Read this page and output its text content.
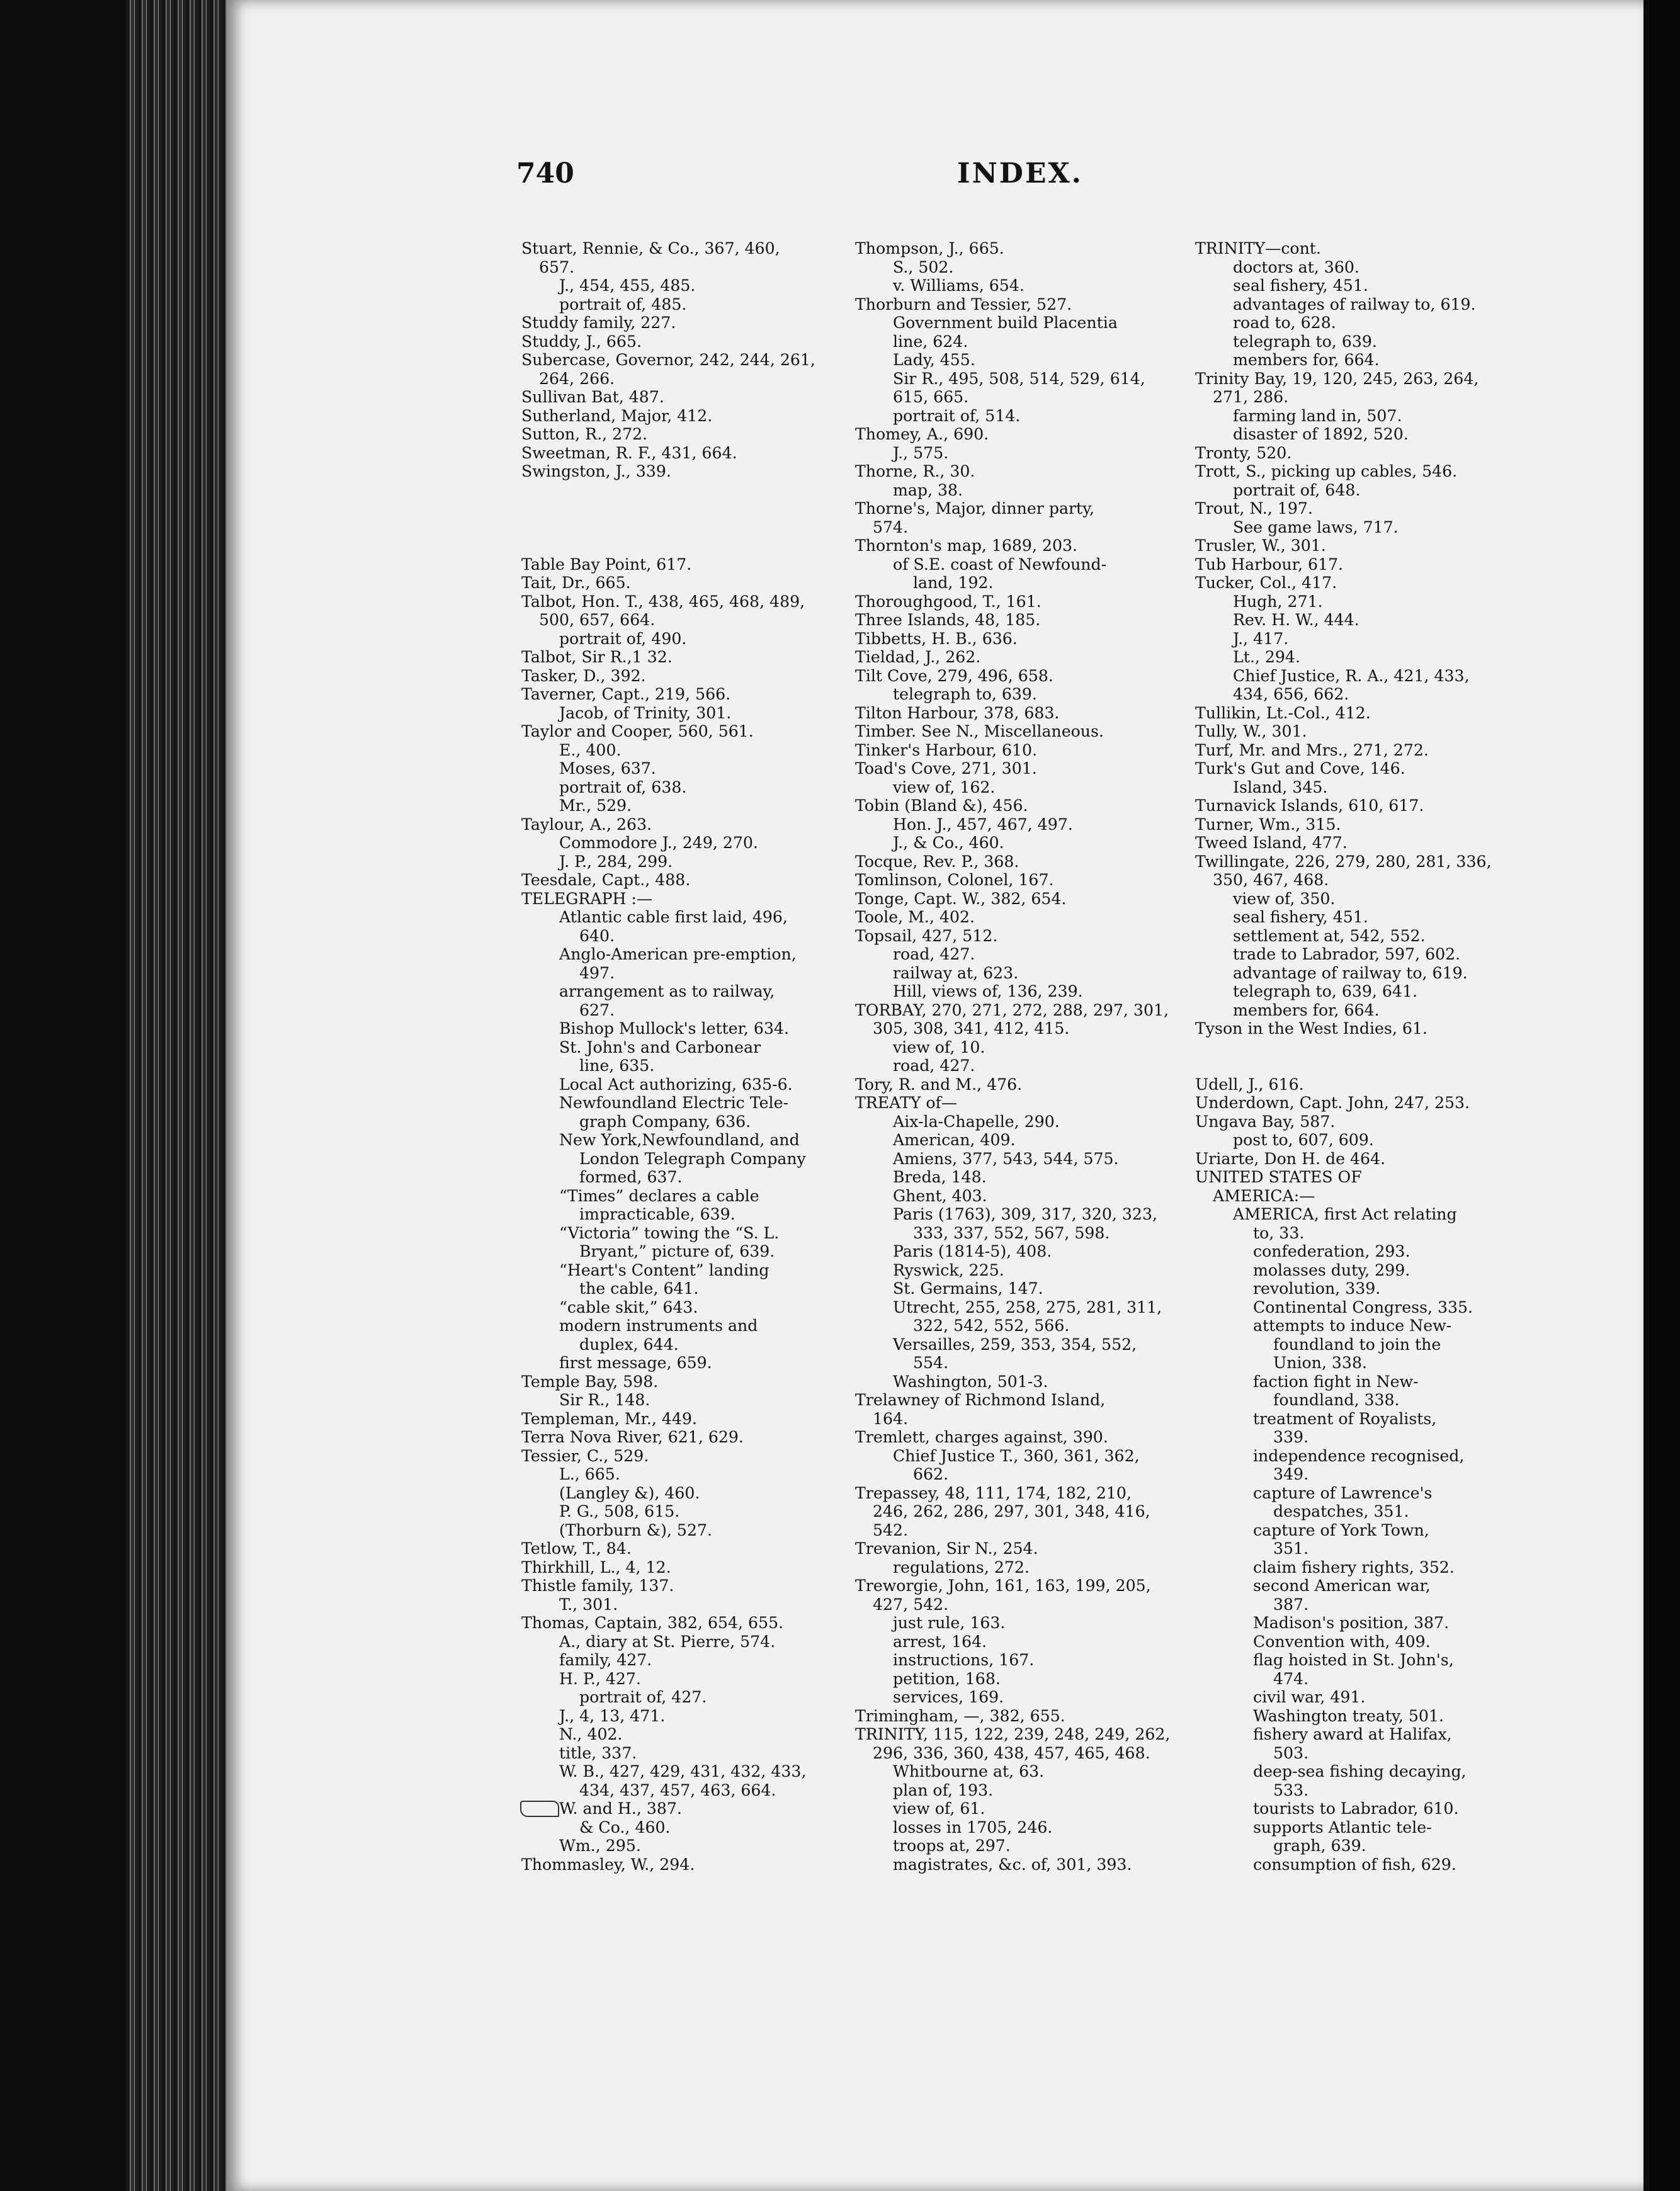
740	INDEX.
Stuart, Rennie, & Co., 367, 460,
657.
J., 454, 455, 485.
portrait of, 485.
Studdy family, 227.
Studdy, J., 665.
Subercase, Governor, 242, 244, 261,
264, 266.
Sullivan Bat, 487.
Sutherland, Major, 412.
Sutton, R., 272.
Sweetman, R. F., 431, 664.
Swingston, J., 339.
Table Bay Point, 617.
Tait, Dr., 665.
Talbot, Hon. T., 438, 465, 468, 489,
500, 657, 664.
portrait of, 490.
Talbot, Sir R.,1 32.
Tasker, D., 392.
Taverner, Capt., 219, 566.
Jacob, of Trinity, 301.
Taylor and Cooper, 560, 561.
E., 400.
Moses, 637.
portrait of, 638.
Mr., 529.
Taylour, A., 263.
Commodore J., 249, 270.
J. P., 284, 299.
Teesdale, Capt., 488.
TELEGRAPH :—
Atlantic cable first laid, 496,
640.
Anglo-American pre-emption,
497.
arrangement as to railway,
627.
Bishop Mullock's letter, 634.
St. John's and Carbonear
line, 635.
Local Act authorizing, 635-6.
Newfoundland Electric Tele-
graph Company, 636.
New York,Newfoundland, and
London Telegraph Company
formed, 637.
“Times” declares a cable
impracticable, 639.
“Victoria” towing the “S. L.
Bryant,” picture of, 639.
“Heart's Content” landing
the cable, 641.
“cable skit,” 643.
modern instruments and
duplex, 644.
first message, 659.
Temple Bay, 598.
Sir R., 148.
Templeman, Mr., 449.
Terra Nova River, 621, 629.
Tessier, C., 529.
L., 665.
(Langley &), 460.
P. G., 508, 615.
(Thorburn &), 527.
Tetlow, T., 84.
Thirkhill, L., 4, 12.
Thistle family, 137.
T., 301.
Thomas, Captain, 382, 654, 655.
A., diary at St. Pierre, 574.
family, 427.
H. P., 427.
portrait of, 427.
J., 4, 13, 471.
N., 402.
title, 337.
W. B., 427, 429, 431, 432, 433,
434, 437, 457, 463, 664.
W. and H., 387.
& Co., 460.
Wm., 295.
Thommasley, W., 294.
Thompson, J., 665.
S., 502.
v. Williams, 654.
Thorburn and Tessier, 527.
Government build Placentia
line, 624.
Lady, 455.
Sir R., 495, 508, 514, 529, 614,
615, 665.
portrait of, 514.
Thomey, A., 690.
J., 575.
Thorne, R., 30.
map, 38.
Thorne's, Major, dinner party,
574.
Thornton's map, 1689, 203.
of S.E. coast of Newfound-
land, 192.
Thoroughgood, T., 161.
Three Islands, 48, 185.
Tibbetts, H. B., 636.
Tieldad, J., 262.
Tilt Cove, 279, 496, 658.
telegraph to, 639.
Tilton Harbour, 378, 683.
Timber. See N., Miscellaneous.
Tinker's Harbour, 610.
Toad's Cove, 271, 301.
view of, 162.
Tobin (Bland &), 456.
Hon. J., 457, 467, 497.
J., & Co., 460.
Tocque, Rev. P., 368.
Tomlinson, Colonel, 167.
Tonge, Capt. W., 382, 654.
Toole, M., 402.
Topsail, 427, 512.
road, 427.
railway at, 623.
Hill, views of, 136, 239.
TORBAY, 270, 271, 272, 288, 297, 301,
305, 308, 341, 412, 415.
view of, 10.
road, 427.
Tory, R. and M., 476.
TREATY of—
Aix-la-Chapelle, 290.
American, 409.
Amiens, 377, 543, 544, 575.
Breda, 148.
Ghent, 403.
Paris (1763), 309, 317, 320, 323,
333, 337, 552, 567, 598.
Paris (1814-5), 408.
Ryswick, 225.
St. Germains, 147.
Utrecht, 255, 258, 275, 281, 311,
322, 542, 552, 566.
Versailles, 259, 353, 354, 552,
554.
Washington, 501-3.
Trelawney of Richmond Island,
164.
Tremlett, charges against, 390.
Chief Justice T., 360, 361, 362,
662.
Trepassey, 48, 111, 174, 182, 210,
246, 262, 286, 297, 301, 348, 416,
542.
Trevanion, Sir N., 254.
regulations, 272.
Treworgie, John, 161, 163, 199, 205,
427, 542.
just rule, 163.
arrest, 164.
instructions, 167.
petition, 168.
services, 169.
Trimingham, —, 382, 655.
TRINITY, 115, 122, 239, 248, 249, 262,
296, 336, 360, 438, 457, 465, 468.
Whitbourne at, 63.
plan of, 193.
view of, 61.
losses in 1705, 246.
troops at, 297.
magistrates, &c. of, 301, 393.
TRINITY—cont.
doctors at, 360.
seal fishery, 451.
advantages of railway to, 619.
road to, 628.
telegraph to, 639.
members for, 664.
Trinity Bay, 19, 120, 245, 263, 264,
271, 286.
farming land in, 507.
disaster of 1892, 520.
Tronty, 520.
Trott, S., picking up cables, 546.
portrait of, 648.
Trout, N., 197.
See game laws, 717.
Trusler, W., 301.
Tub Harbour, 617.
Tucker, Col., 417.
Hugh, 271.
Rev. H. W., 444.
J., 417.
Lt., 294.
Chief Justice, R. A., 421, 433,
434, 656, 662.
Tullikin, Lt.-Col., 412.
Tully, W., 301.
Turf, Mr. and Mrs., 271, 272.
Turk's Gut and Cove, 146.
Island, 345.
Turnavick Islands, 610, 617.
Turner, Wm., 315.
Tweed Island, 477.
Twillingate, 226, 279, 280, 281, 336,
350, 467, 468.
view of, 350.
seal fishery, 451.
settlement at, 542, 552.
trade to Labrador, 597, 602.
advantage of railway to, 619.
telegraph to, 639, 641.
members for, 664.
Tyson in the West Indies, 61.
Udell, J., 616.
Underdown, Capt. John, 247, 253.
Ungava Bay, 587.
post to, 607, 609.
Uriarte, Don H. de 464.
UNITED STATES OF
AMERICA:—
AMERICA, first Act relating
to, 33.
confederation, 293.
molasses duty, 299.
revolution, 339.
Continental Congress, 335.
attempts to induce New-
foundland to join the
Union, 338.
faction fight in New-
foundland, 338.
treatment of Royalists,
339.
independence recognised,
349.
capture of Lawrence's
despatches, 351.
capture of York Town,
351.
claim fishery rights, 352.
second American war,
387.
Madison's position, 387.
Convention with, 409.
flag hoisted in St. John's,
474.
civil war, 491.
Washington treaty, 501.
fishery award at Halifax,
503.
deep-sea fishing decaying,
533.
tourists to Labrador, 610.
supports Atlantic tele-
graph, 639.
consumption of fish, 629.
